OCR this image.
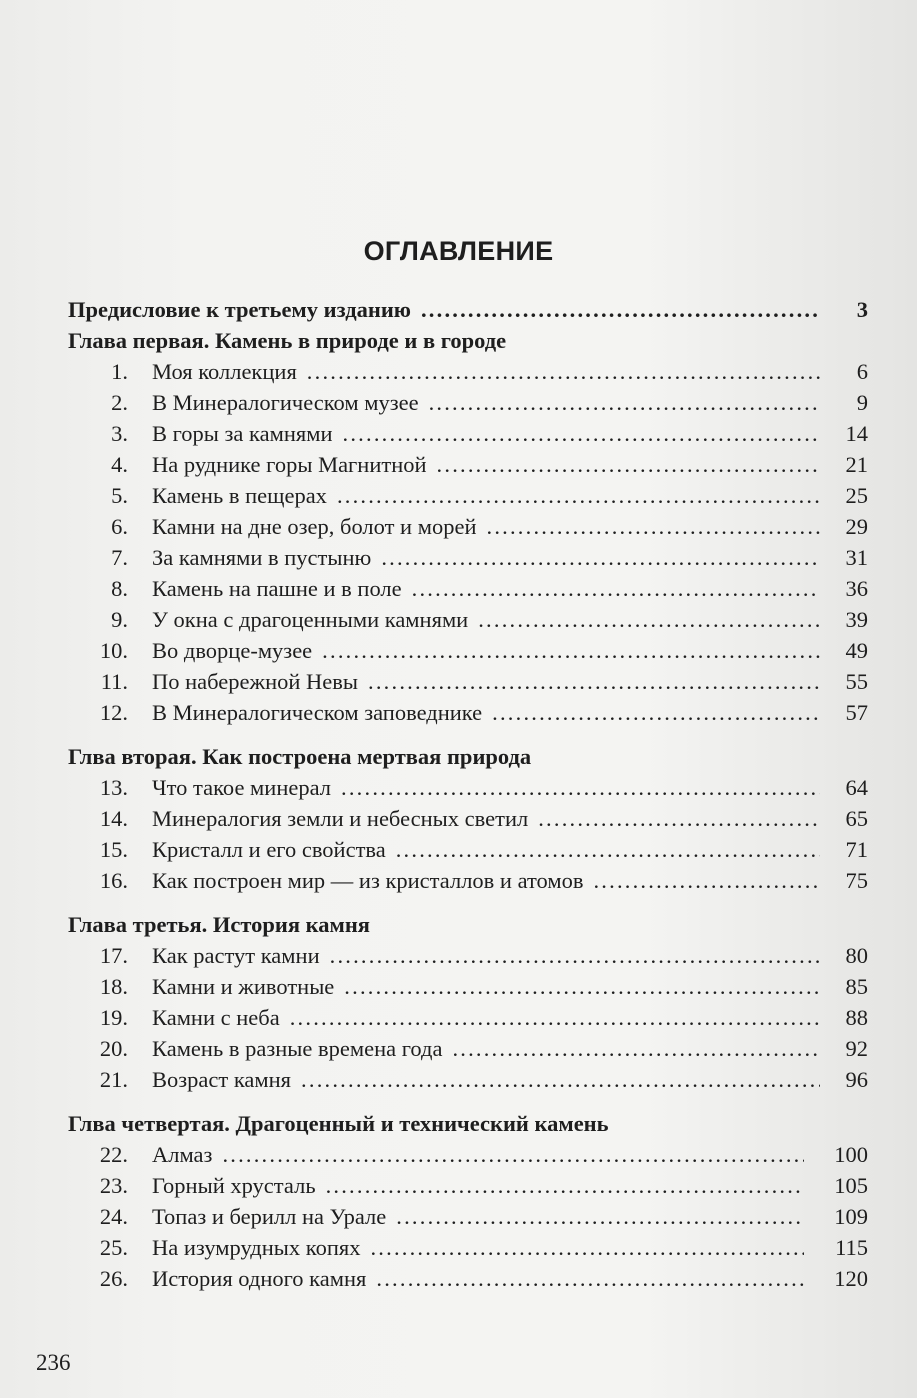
ОГЛАВЛЕНИЕ
Предисловие к третьему изданию .....	3
Глава первая. Камень в природе и в городе
1. Моя коллекция .....	6
2. В Минералогическом музее .....	9
3. В горы за камнями .....	14
4. На руднике горы Магнитной .....	21
5. Камень в пещерах .....	25
6. Камни на дне озер, болот и морей .....	29
7. За камнями в пустыню .....	31
8. Камень на пашне и в поле .....	36
9. У окна с драгоценными камнями .....	39
10. Во дворце-музее .....	49
11. По набережной Невы .....	55
12. В Минералогическом заповеднике .....	57
Глва вторая. Как построена мертвая природа
13. Что такое минерал .....	64
14. Минералогия земли и небесных светил .....	65
15. Кристалл и его свойства .....	71
16. Как построен мир — из кристаллов и атомов .....	75
Глава третья. История камня
17. Как растут камни .....	80
18. Камни и животные .....	85
19. Камни с неба .....	88
20. Камень в разные времена года .....	92
21. Возраст камня .....	96
Глва четвертая. Драгоценный и технический камень
22. Алмаз .....	100
23. Горный хрусталь .....	105
24. Топаз и берилл на Урале .....	109
25. На изумрудных копях .....	115
26. История одного камня .....	120
236
